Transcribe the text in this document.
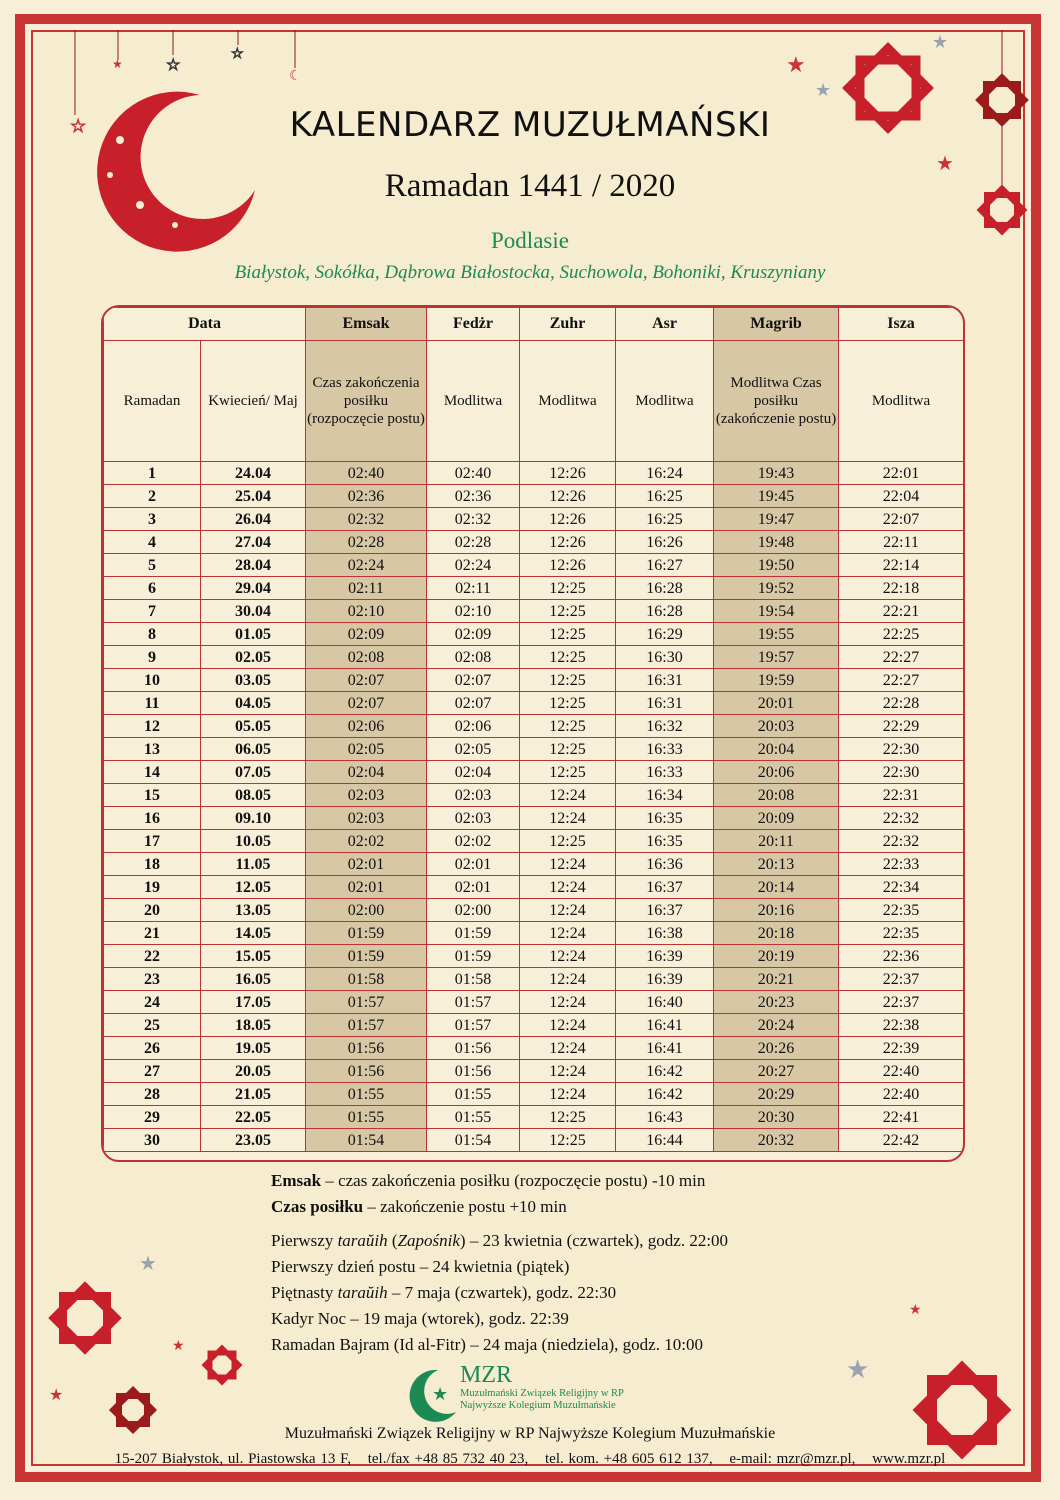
☆
★	☆
☆
☾	★
★
★
★
★
★
★
★
★
KALENDARZ MUZUŁMAŃSKI
Ramadan 1441 / 2020
Podlasie
Białystok, Sokółka, Dąbrowa Białostocka, Suchowola, Bohoniki, Kruszyniany
Data		Emsak	Fedżr	Zuhr	Asr	Magrib	Isza
Ramadan	Kwiecień/ Maj	Czas zakończenia posiłku (rozpoczęcie postu)	Modlitwa	Modlitwa	Modlitwa	Modlitwa Czas posiłku (zakończenie postu)	Modlitwa
1	24.04	02:40	02:40	12:26	16:24	19:43	22:01
2	25.04	02:36	02:36	12:26	16:25	19:45	22:04
3	26.04	02:32	02:32	12:26	16:25	19:47	22:07
4	27.04	02:28	02:28	12:26	16:26	19:48	22:11
5	28.04	02:24	02:24	12:26	16:27	19:50	22:14
6	29.04	02:11	02:11	12:25	16:28	19:52	22:18
7	30.04	02:10	02:10	12:25	16:28	19:54	22:21
8	01.05	02:09	02:09	12:25	16:29	19:55	22:25
9	02.05	02:08	02:08	12:25	16:30	19:57	22:27
10	03.05	02:07	02:07	12:25	16:31	19:59	22:27
11	04.05	02:07	02:07	12:25	16:31	20:01	22:28
12	05.05	02:06	02:06	12:25	16:32	20:03	22:29
13	06.05	02:05	02:05	12:25	16:33	20:04	22:30
14	07.05	02:04	02:04	12:25	16:33	20:06	22:30
15	08.05	02:03	02:03	12:24	16:34	20:08	22:31
16	09.10	02:03	02:03	12:24	16:35	20:09	22:32
17	10.05	02:02	02:02	12:25	16:35	20:11	22:32
18	11.05	02:01	02:01	12:24	16:36	20:13	22:33
19	12.05	02:01	02:01	12:24	16:37	20:14	22:34
20	13.05	02:00	02:00	12:24	16:37	20:16	22:35
21	14.05	01:59	01:59	12:24	16:38	20:18	22:35
22	15.05	01:59	01:59	12:24	16:39	20:19	22:36
23	16.05	01:58	01:58	12:24	16:39	20:21	22:37
24	17.05	01:57	01:57	12:24	16:40	20:23	22:37
25	18.05	01:57	01:57	12:24	16:41	20:24	22:38
26	19.05	01:56	01:56	12:24	16:41	20:26	22:39
27	20.05	01:56	01:56	12:24	16:42	20:27	22:40
28	21.05	01:55	01:55	12:24	16:42	20:29	22:40
29	22.05	01:55	01:55	12:25	16:43	20:30	22:41
30	23.05	01:54	01:54	12:25	16:44	20:32	22:42
Emsak – czas zakończenia posiłku (rozpoczęcie postu) -10 min
Czas posiłku – zakończenie postu +10 min
Pierwszy taraŭih (Zapośnik) – 23 kwietnia (czwartek), godz. 22:00
Pierwszy dzień postu – 24 kwietnia (piątek)
Piętnasty taraŭih – 7 maja (czwartek), godz. 22:30
Kadyr Noc – 19 maja (wtorek), godz. 22:39
Ramadan Bajram (Id al-Fitr) – 24 maja (niedziela), godz. 10:00
★
MZR
Muzułmański Związek Religijny w RP
Najwyższe Kolegium Muzułmańskie
Muzułmański Związek Religijny w RP Najwyższe Kolegium Muzułmańskie
15-207 Białystok, ul. Piastowska 13 F, tel./fax +48 85 732 40 23, tel. kom. +48 605 612 137, e-mail: mzr@mzr.pl, www.mzr.pl
